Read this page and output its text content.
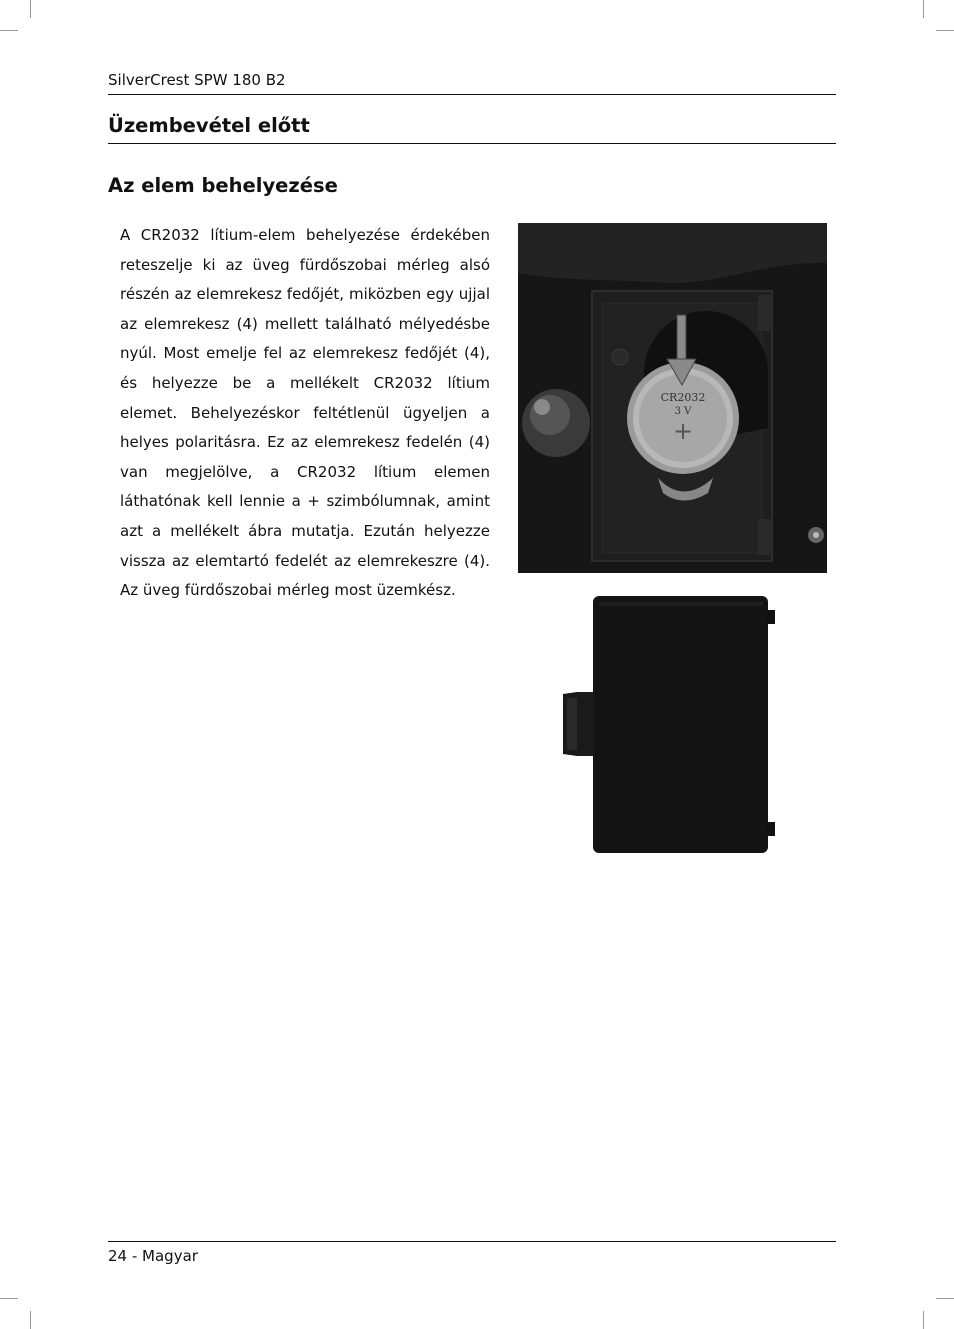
SilverCrest SPW 180 B2
Üzembevétel előtt
Az elem behelyezése

A CR2032 lítium-elem behelyezése érdekében reteszelje ki az üveg fürdőszobai mérleg alsó részén az elemrekesz fedőjét, miközben egy ujjal az elemrekesz (4) mellett található mélyedésbe nyúl. Most emelje fel az elemrekesz fedőjét (4), és helyezze be a mellékelt CR2032 lítium elemet. Behelyezéskor feltétlenül ügyeljen a helyes polaritásra. Ez az elemrekesz fedelén (4) van megjelölve, a CR2032 lítium elemen láthatónak kell lennie a + szimbólumnak, amint azt a mellékelt ábra mutatja. Ezután helyezze vissza az elemtartó fedelét az elemrekeszre (4). Az üveg fürdőszobai mérleg most üzemkész.

CR2032
3 V
+
24 - Magyar
